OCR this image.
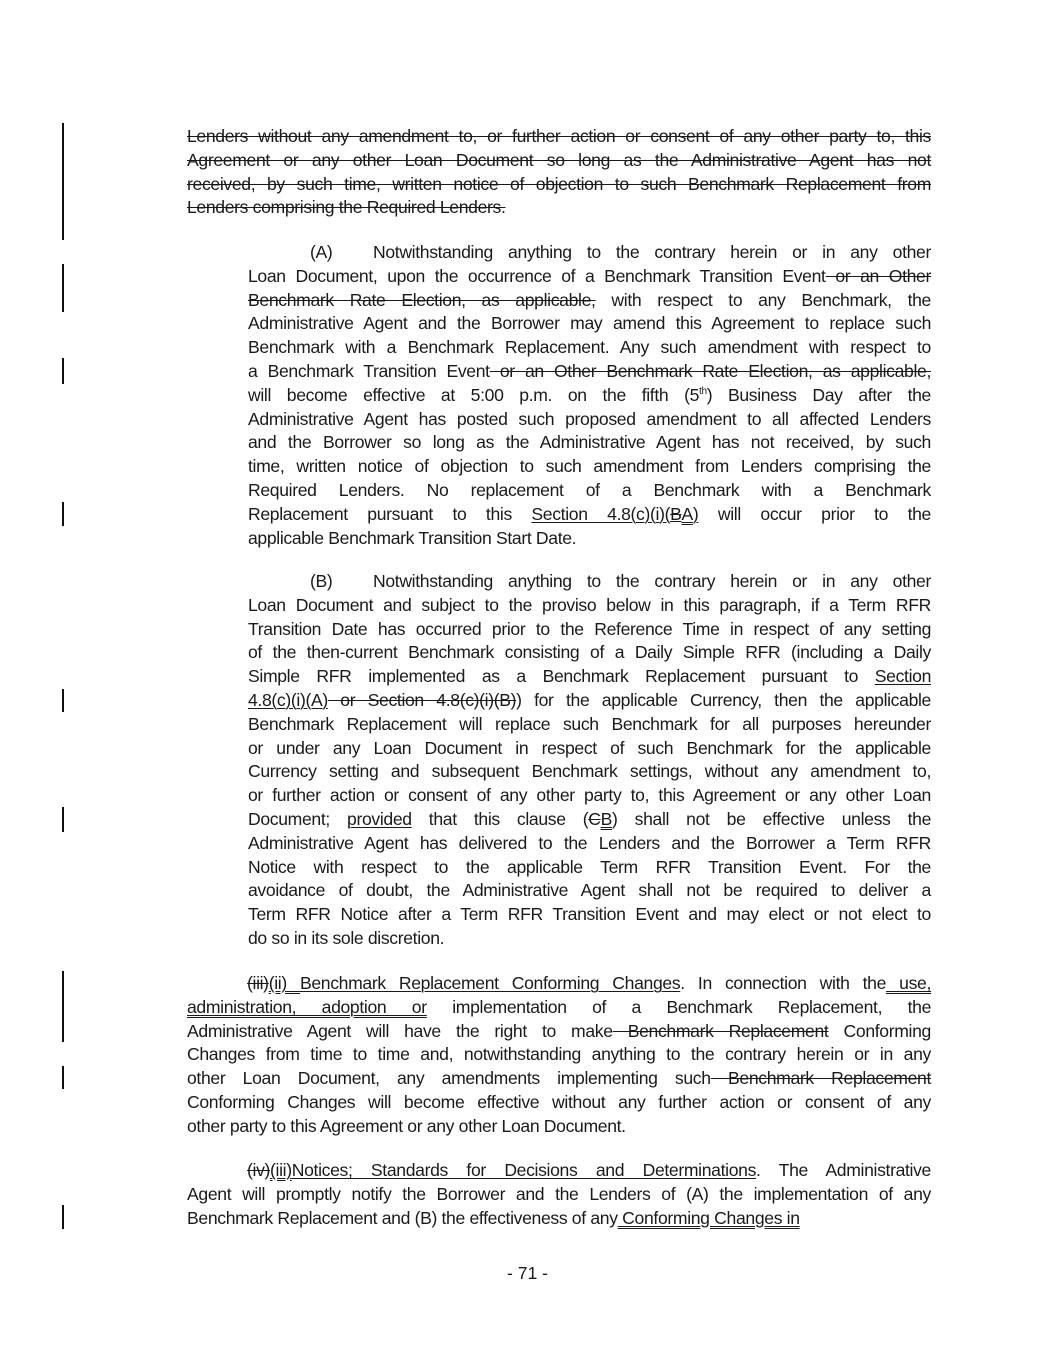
Lenders without any amendment to, or further action or consent of any other party to, this
Agreement or any other Loan Document so long as the Administrative Agent has not
received, by such time, written notice of objection to such Benchmark Replacement from
Lenders comprising the Required Lenders.
(A) Notwithstanding anything to the contrary herein or in any other
Loan Document, upon the occurrence of a Benchmark Transition Event or an Other
Benchmark Rate Election, as applicable, with respect to any Benchmark, the
Administrative Agent and the Borrower may amend this Agreement to replace such
Benchmark with a Benchmark Replacement. Any such amendment with respect to
a Benchmark Transition Event or an Other Benchmark Rate Election, as applicable,
will become effective at 5:00 p.m. on the fifth (5th) Business Day after the
Administrative Agent has posted such proposed amendment to all affected Lenders
and the Borrower so long as the Administrative Agent has not received, by such
time, written notice of objection to such amendment from Lenders comprising the
Required Lenders. No replacement of a Benchmark with a Benchmark
Replacement pursuant to this Section 4.8(c)(i)(BA) will occur prior to the
applicable Benchmark Transition Start Date.
(B) Notwithstanding anything to the contrary herein or in any other
Loan Document and subject to the proviso below in this paragraph, if a Term RFR
Transition Date has occurred prior to the Reference Time in respect of any setting
of the then-current Benchmark consisting of a Daily Simple RFR (including a Daily
Simple RFR implemented as a Benchmark Replacement pursuant to Section
4.8(c)(i)(A) or Section 4.8(c)(i)(B)) for the applicable Currency, then the applicable
Benchmark Replacement will replace such Benchmark for all purposes hereunder
or under any Loan Document in respect of such Benchmark for the applicable
Currency setting and subsequent Benchmark settings, without any amendment to,
or further action or consent of any other party to, this Agreement or any other Loan
Document; provided that this clause (CB) shall not be effective unless the
Administrative Agent has delivered to the Lenders and the Borrower a Term RFR
Notice with respect to the applicable Term RFR Transition Event. For the
avoidance of doubt, the Administrative Agent shall not be required to deliver a
Term RFR Notice after a Term RFR Transition Event and may elect or not elect to
do so in its sole discretion.
(iii)(ii) Benchmark Replacement Conforming Changes. In connection with the use,
administration, adoption or implementation of a Benchmark Replacement, the
Administrative Agent will have the right to make Benchmark Replacement Conforming
Changes from time to time and, notwithstanding anything to the contrary herein or in any
other Loan Document, any amendments implementing such Benchmark Replacement
Conforming Changes will become effective without any further action or consent of any
other party to this Agreement or any other Loan Document.
(iv)(iii)Notices; Standards for Decisions and Determinations. The Administrative
Agent will promptly notify the Borrower and the Lenders of (A) the implementation of any
Benchmark Replacement and (B) the effectiveness of any Conforming Changes in
- 71 -
